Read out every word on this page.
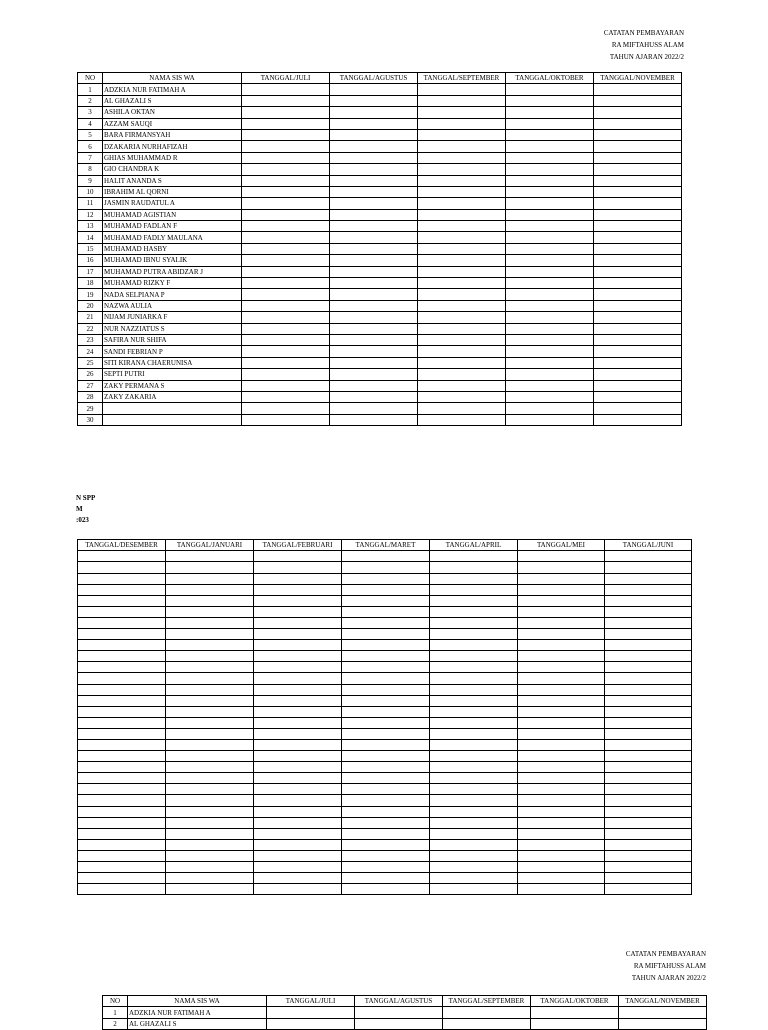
CATATAN PEMBAYARAN
RA MIFTAHUSS ALAM
TAHUN AJARAN 2022/2
NO	NAMA SIS WA	TANGGAL/JULI	TANGGAL/AGUSTUS	TANGGAL/SEPTEMBER	TANGGAL/OKTOBER	TANGGAL/NOVEMBER
1	ADZKIA NUR FATIMAH A					
2	AL GHAZALI S					
3	ASHILA OKTAN					
4	AZZAM SAUQI					
5	BARA FIRMANSYAH					
6	DZAKARIA NURHAFIZAH					
7	GHIAS MUHAMMAD R					
8	GIO CHANDRA K					
9	HALIT ANANDA S					
10	IBRAHIM AL QORNI					
11	JASMIN RAUDATUL A					
12	MUHAMAD AGISTIAN					
13	MUHAMAD FADLAN F					
14	MUHAMAD FADLY MAULANA					
15	MUHAMAD HASBY					
16	MUHAMAD IBNU SYALIK					
17	MUHAMAD PUTRA ABIDZAR J					
18	MUHAMAD RIZKY F					
19	NADA SELPIANA P					
20	NAZWA AULIA					
21	NIJAM JUNIARKA F					
22	NUR NAZZIATUS S					
23	SAFIRA NUR SHIFA					
24	SANDI FEBRIAN P					
25	SITI KIRANA CHAERUNISA					
26	SEPTI PUTRI					
27	ZAKY PERMANA S					
28	ZAKY ZAKARIA					
29						
30						
N SPP
M
:023
TANGGAL/DESEMBER	TANGGAL/JANUARI	TANGGAL/FEBRUARI	TANGGAL/MARET	TANGGAL/APRIL	TANGGAL/MEI	TANGGAL/JUNI

CATATAN PEMBAYARAN
RA MIFTAHUSS ALAM
TAHUN AJARAN 2022/2
NO	NAMA SIS WA	TANGGAL/JULI	TANGGAL/AGUSTUS	TANGGAL/SEPTEMBER	TANGGAL/OKTOBER	TANGGAL/NOVEMBER
1	ADZKIA NUR FATIMAH A					
2	AL GHAZALI S					
